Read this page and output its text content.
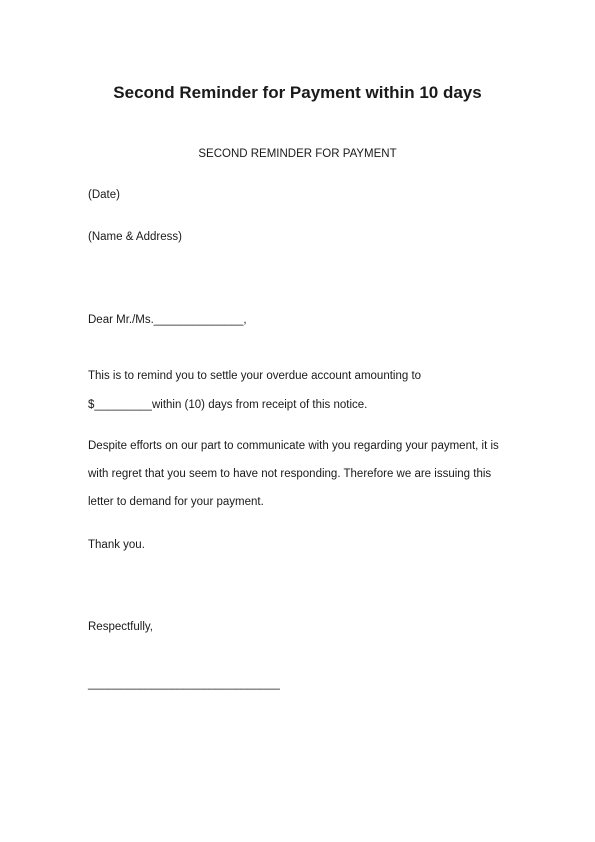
Second Reminder for Payment within 10 days
SECOND REMINDER FOR PAYMENT
(Date)
(Name & Address)
Dear Mr./Ms.______________,
This is to remind you to settle your overdue account amounting to
$_________within (10) days from receipt of this notice.
Despite efforts on our part to communicate with you regarding your payment, it is
with regret that you seem to have not responding. Therefore we are issuing this
letter to demand for your payment.
Thank you.
Respectfully,
______________________________
